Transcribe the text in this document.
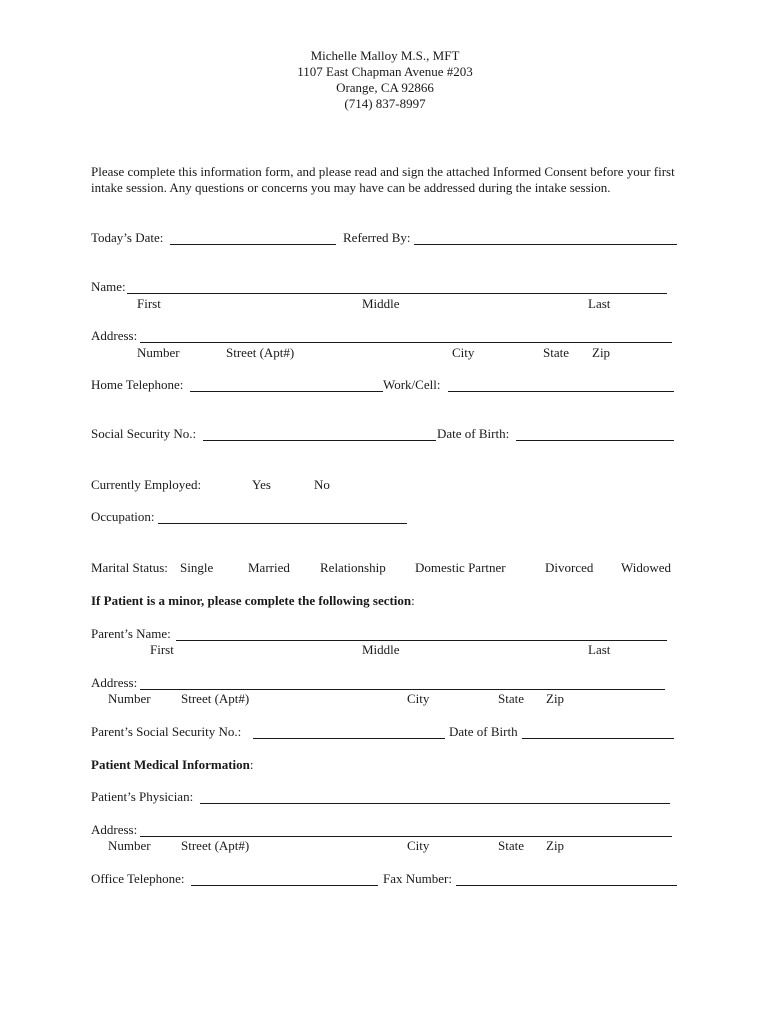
Michelle Malloy M.S., MFT
1107 East Chapman Avenue #203
Orange, CA 92866
(714) 837-8997
Please complete this information form, and please read and sign the attached Informed Consent before your first intake session. Any questions or concerns you may have can be addressed during the intake session.
Today’s Date:	Referred By:
Name:
First	Middle	Last
Address:
Number	Street (Apt#)	City	State Zip
Home Telephone:	Work/Cell:
Social Security No.:	Date of Birth:
Currently Employed:	Yes	No
Occupation:
Marital Status: Single	Married Relationship Domestic Partner	Divorced Widowed
If Patient is a minor, please complete the following section:
Parent’s Name:
First	Middle	Last
Address:
Number Street (Apt#)	City	State Zip
Parent’s Social Security No.:	Date of Birth
Patient Medical Information:
Patient’s Physician:
Address:
Number Street (Apt#)	City	State Zip
Office Telephone:	Fax Number:
